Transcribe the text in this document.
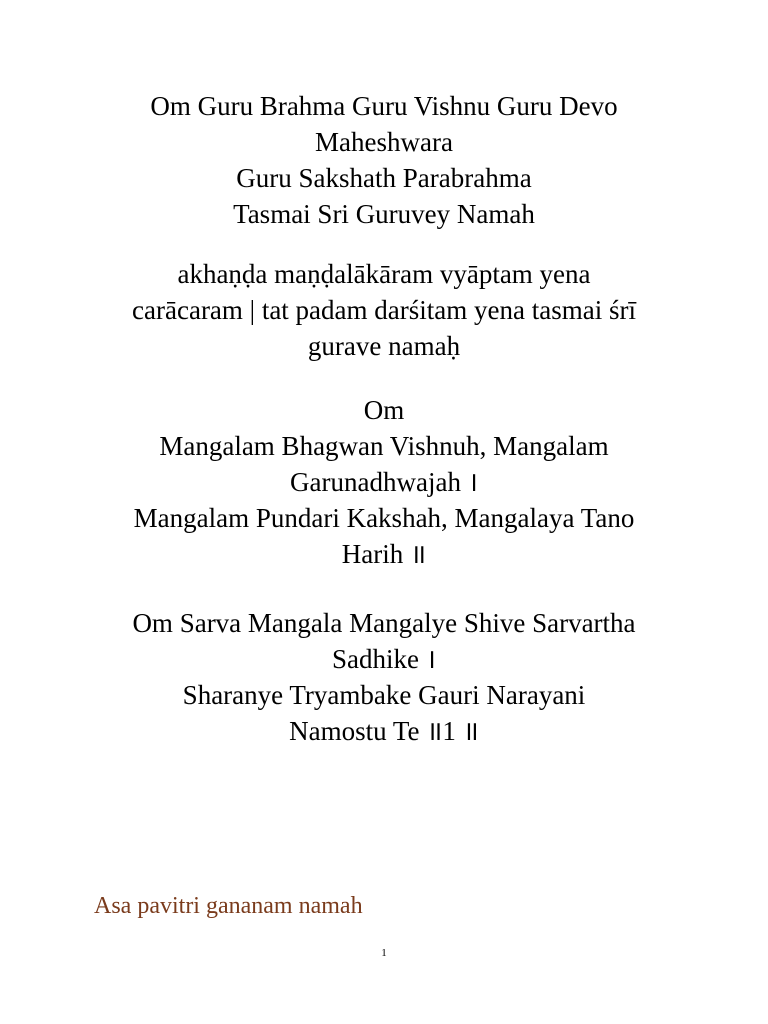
Om Guru Brahma Guru Vishnu Guru Devo
Maheshwara
Guru Sakshath Parabrahma
Tasmai Sri Guruvey Namah
akhaṇḍa maṇḍalākāram vyāptam yena
carācaram | tat padam darśitam yena tasmai śrī
gurave namaḥ
Om
Mangalam Bhagwan Vishnuh, Mangalam
Garunadhwajah ।
Mangalam Pundari Kakshah, Mangalaya Tano
Harih ॥
Om Sarva Mangala Mangalye Shive Sarvartha
Sadhike ।
Sharanye Tryambake Gauri Narayani
Namostu Te ॥1 ॥
Asa pavitri gananam namah
1
